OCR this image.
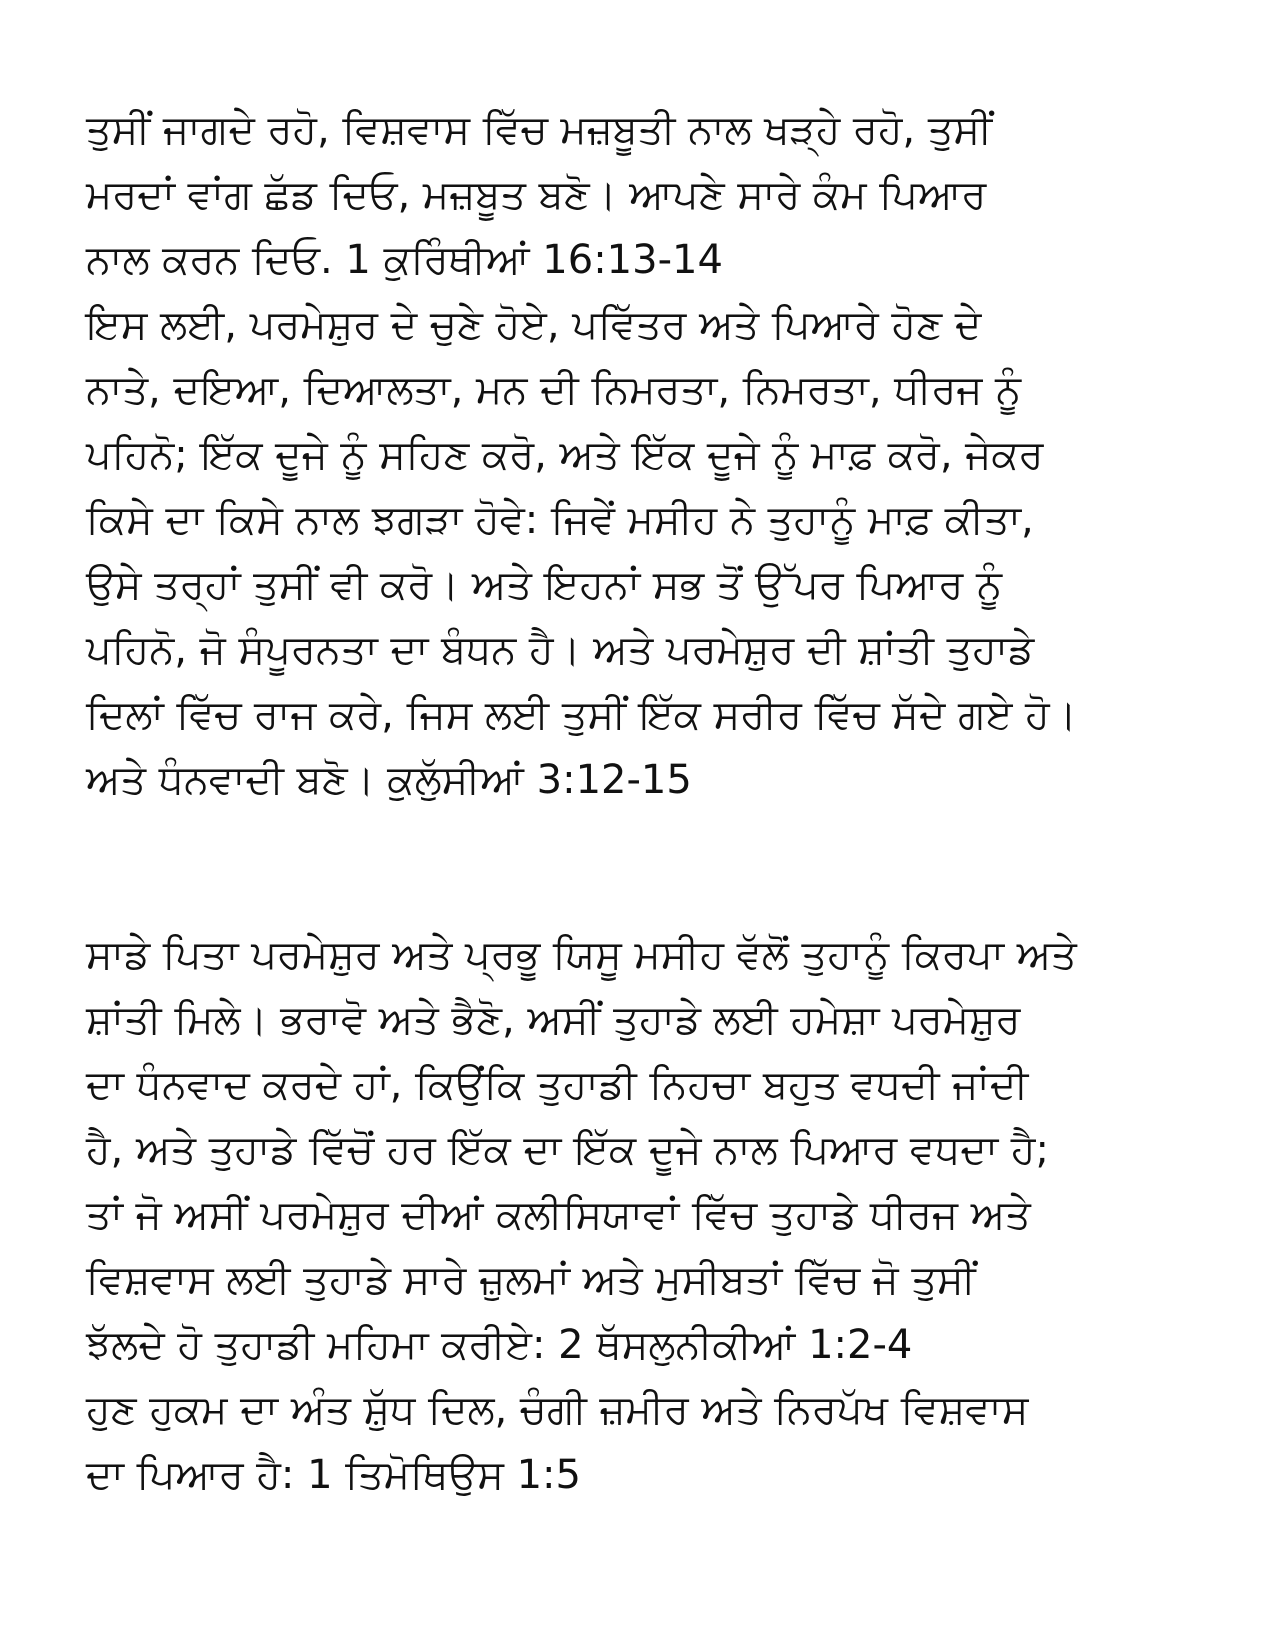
ਤੁਸੀਂ ਜਾਗਦੇ ਰਹੋ, ਵਿਸ਼ਵਾਸ ਵਿੱਚ ਮਜ਼ਬੂਤੀ ਨਾਲ ਖੜ੍ਹੇ ਰਹੋ, ਤੁਸੀਂ
ਮਰਦਾਂ ਵਾਂਗ ਛੱਡ ਦਿਓ, ਮਜ਼ਬੂਤ ਬਣੋ। ਆਪਣੇ ਸਾਰੇ ਕੰਮ ਪਿਆਰ
ਨਾਲ ਕਰਨ ਦਿਓ. 1 ਕੁਰਿੰਥੀਆਂ 16:13-14
ਇਸ ਲਈ, ਪਰਮੇਸ਼ੁਰ ਦੇ ਚੁਣੇ ਹੋਏ, ਪਵਿੱਤਰ ਅਤੇ ਪਿਆਰੇ ਹੋਣ ਦੇ
ਨਾਤੇ, ਦਇਆ, ਦਿਆਲਤਾ, ਮਨ ਦੀ ਨਿਮਰਤਾ, ਨਿਮਰਤਾ, ਧੀਰਜ ਨੂੰ
ਪਹਿਨੋ; ਇੱਕ ਦੂਜੇ ਨੂੰ ਸਹਿਣ ਕਰੋ, ਅਤੇ ਇੱਕ ਦੂਜੇ ਨੂੰ ਮਾਫ਼ ਕਰੋ, ਜੇਕਰ
ਕਿਸੇ ਦਾ ਕਿਸੇ ਨਾਲ ਝਗੜਾ ਹੋਵੇ: ਜਿਵੇਂ ਮਸੀਹ ਨੇ ਤੁਹਾਨੂੰ ਮਾਫ਼ ਕੀਤਾ,
ਉਸੇ ਤਰ੍ਹਾਂ ਤੁਸੀਂ ਵੀ ਕਰੋ। ਅਤੇ ਇਹਨਾਂ ਸਭ ਤੋਂ ਉੱਪਰ ਪਿਆਰ ਨੂੰ
ਪਹਿਨੋ, ਜੋ ਸੰਪੂਰਨਤਾ ਦਾ ਬੰਧਨ ਹੈ। ਅਤੇ ਪਰਮੇਸ਼ੁਰ ਦੀ ਸ਼ਾਂਤੀ ਤੁਹਾਡੇ
ਦਿਲਾਂ ਵਿੱਚ ਰਾਜ ਕਰੇ, ਜਿਸ ਲਈ ਤੁਸੀਂ ਇੱਕ ਸਰੀਰ ਵਿੱਚ ਸੱਦੇ ਗਏ ਹੋ।
ਅਤੇ ਧੰਨਵਾਦੀ ਬਣੋ। ਕੁਲੁੱਸੀਆਂ 3:12-15
ਸਾਡੇ ਪਿਤਾ ਪਰਮੇਸ਼ੁਰ ਅਤੇ ਪ੍ਰਭੂ ਯਿਸੂ ਮਸੀਹ ਵੱਲੋਂ ਤੁਹਾਨੂੰ ਕਿਰਪਾ ਅਤੇ
ਸ਼ਾਂਤੀ ਮਿਲੇ। ਭਰਾਵੋ ਅਤੇ ਭੈਣੋ, ਅਸੀਂ ਤੁਹਾਡੇ ਲਈ ਹਮੇਸ਼ਾ ਪਰਮੇਸ਼ੁਰ
ਦਾ ਧੰਨਵਾਦ ਕਰਦੇ ਹਾਂ, ਕਿਉਂਕਿ ਤੁਹਾਡੀ ਨਿਹਚਾ ਬਹੁਤ ਵਧਦੀ ਜਾਂਦੀ
ਹੈ, ਅਤੇ ਤੁਹਾਡੇ ਵਿੱਚੋਂ ਹਰ ਇੱਕ ਦਾ ਇੱਕ ਦੂਜੇ ਨਾਲ ਪਿਆਰ ਵਧਦਾ ਹੈ;
ਤਾਂ ਜੋ ਅਸੀਂ ਪਰਮੇਸ਼ੁਰ ਦੀਆਂ ਕਲੀਸਿਯਾਵਾਂ ਵਿੱਚ ਤੁਹਾਡੇ ਧੀਰਜ ਅਤੇ
ਵਿਸ਼ਵਾਸ ਲਈ ਤੁਹਾਡੇ ਸਾਰੇ ਜ਼ੁਲਮਾਂ ਅਤੇ ਮੁਸੀਬਤਾਂ ਵਿੱਚ ਜੋ ਤੁਸੀਂ
ਝੱਲਦੇ ਹੋ ਤੁਹਾਡੀ ਮਹਿਮਾ ਕਰੀਏ: 2 ਥੱਸਲੁਨੀਕੀਆਂ 1:2-4
ਹੁਣ ਹੁਕਮ ਦਾ ਅੰਤ ਸ਼ੁੱਧ ਦਿਲ, ਚੰਗੀ ਜ਼ਮੀਰ ਅਤੇ ਨਿਰਪੱਖ ਵਿਸ਼ਵਾਸ
ਦਾ ਪਿਆਰ ਹੈ: 1 ਤਿਮੋਥਿਉਸ 1:5
